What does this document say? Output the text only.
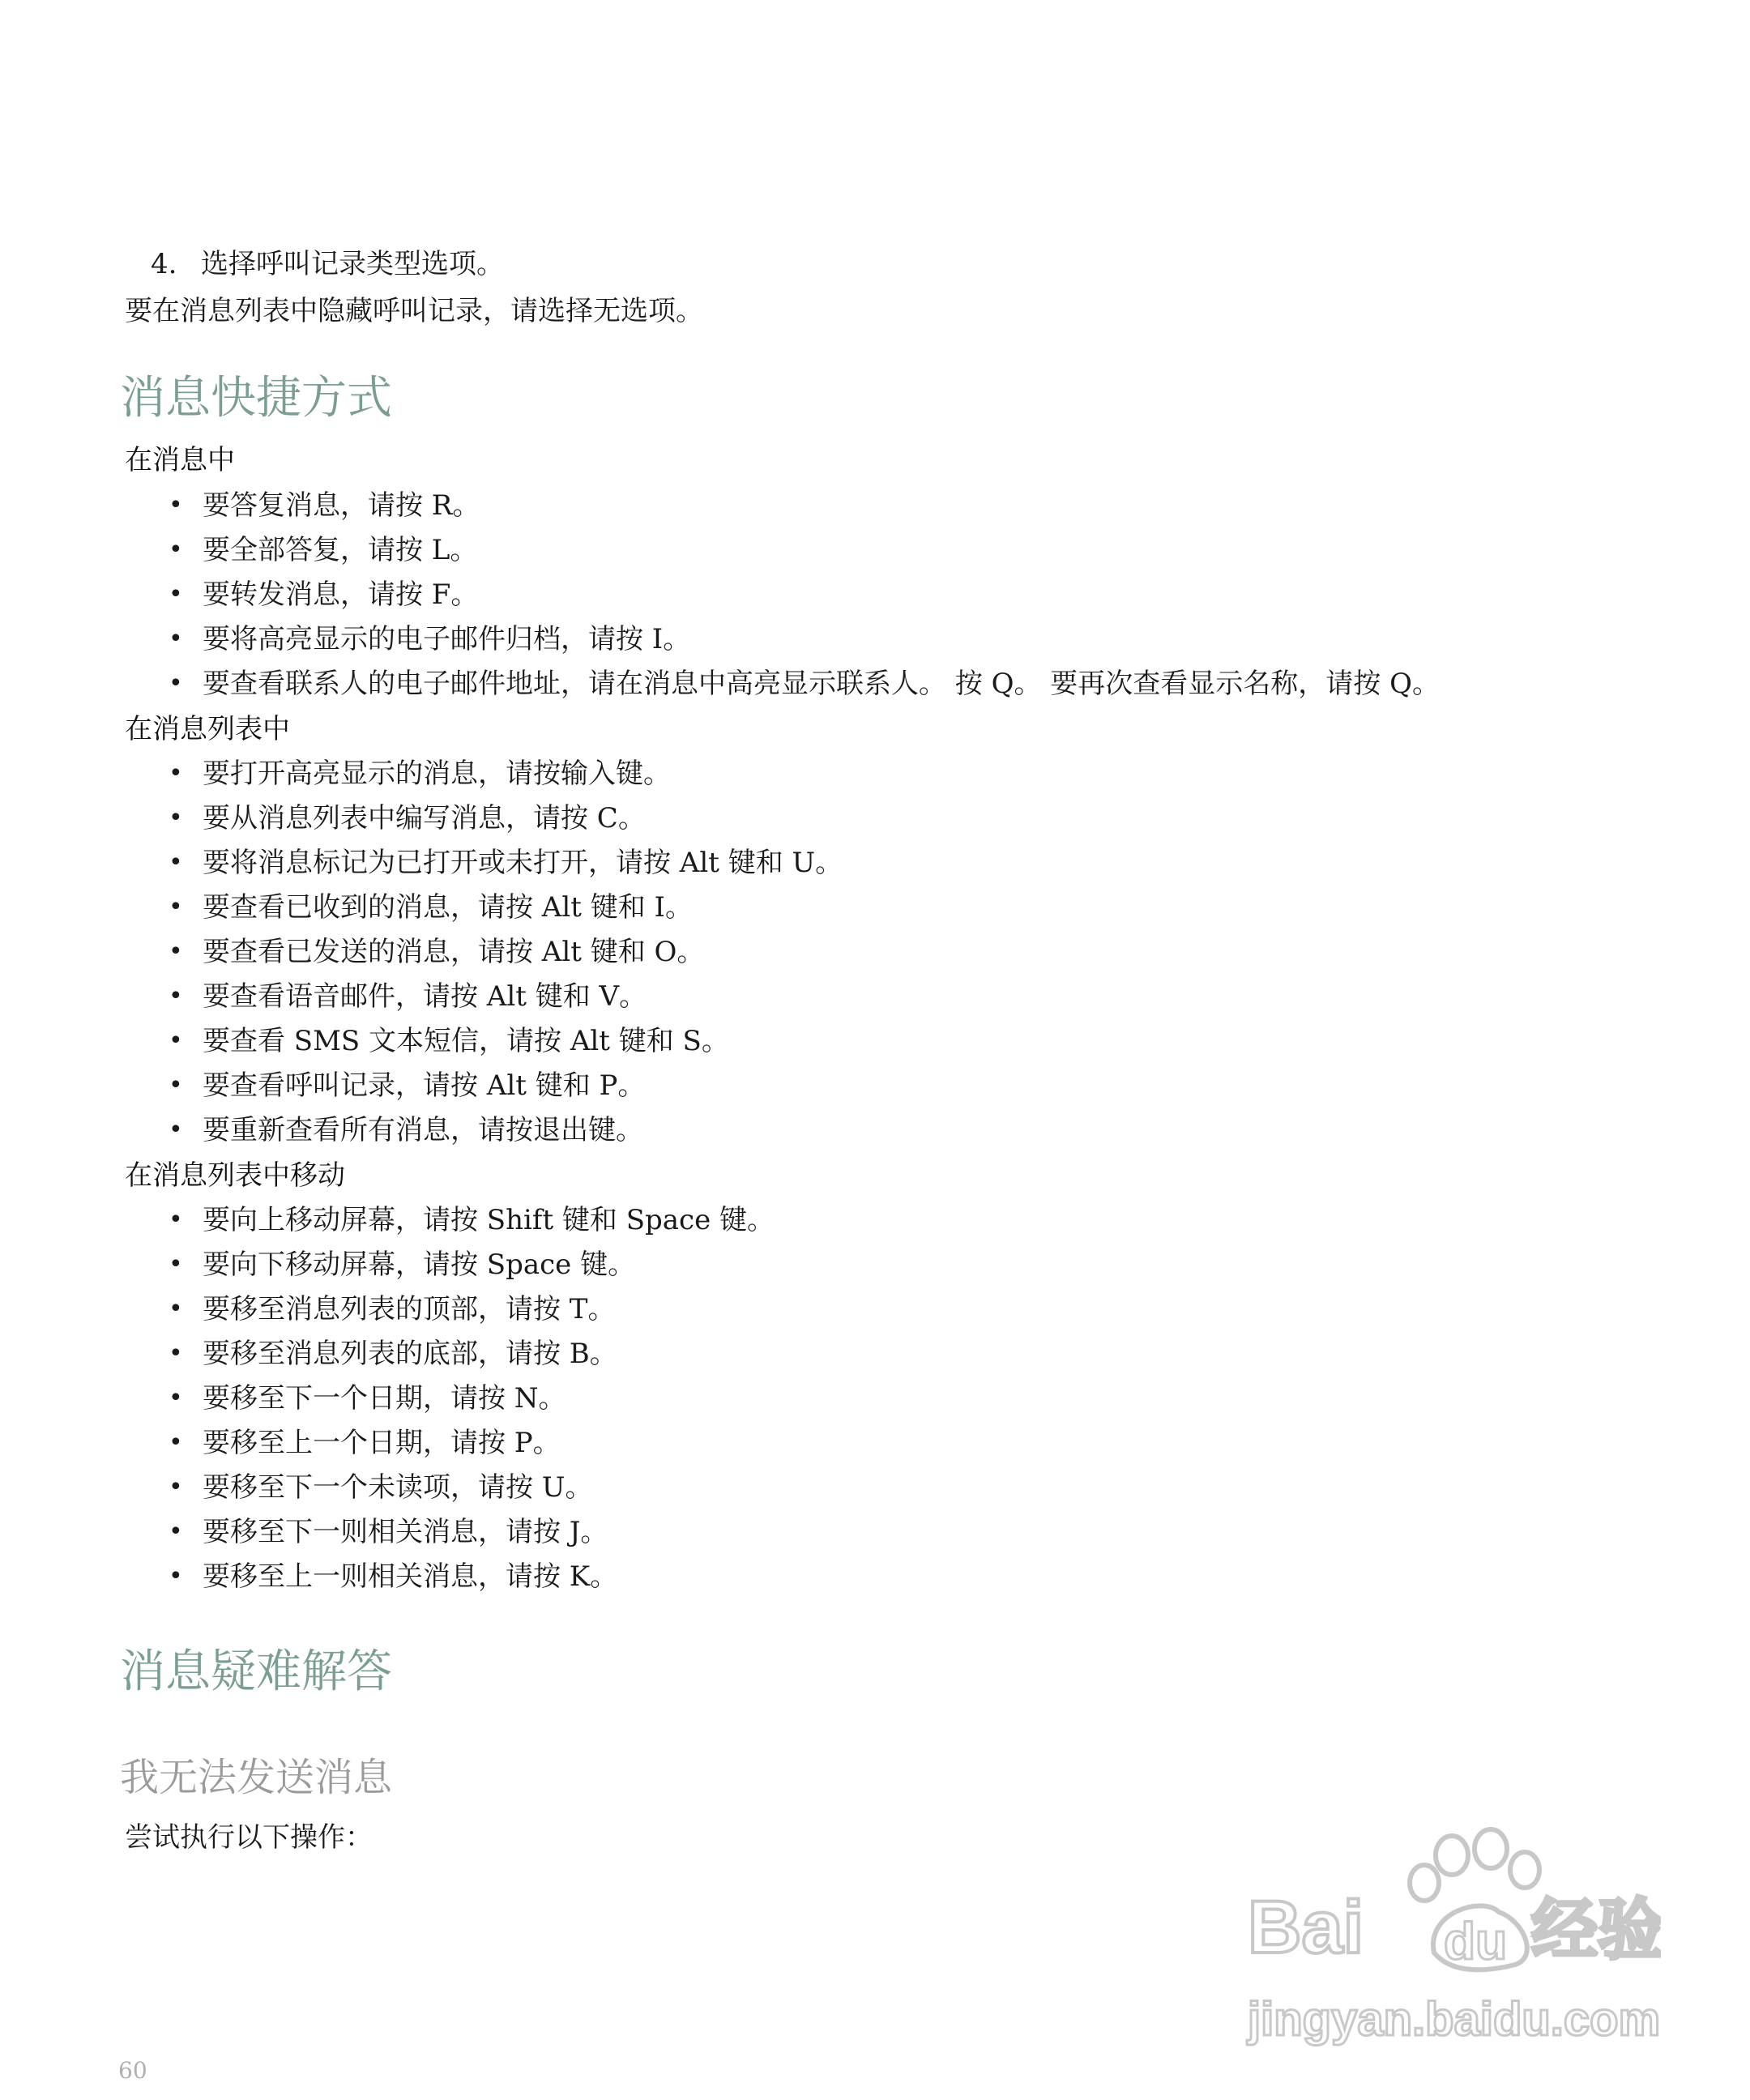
4. 选择呼叫记录类型选项。
要在消息列表中隐藏呼叫记录，请选择无选项。
消息快捷方式
在消息中
• 要答复消息，请按 R。
• 要全部答复，请按 L。
• 要转发消息，请按 F。
• 要将高亮显示的电子邮件归档，请按 I。
• 要查看联系人的电子邮件地址，请在消息中高亮显示联系人。 按 Q。 要再次查看显示名称，请按 Q。
在消息列表中
• 要打开高亮显示的消息，请按输入键。
• 要从消息列表中编写消息，请按 C。
• 要将消息标记为已打开或未打开，请按 Alt 键和 U。
• 要查看已收到的消息，请按 Alt 键和 I。
• 要查看已发送的消息，请按 Alt 键和 O。
• 要查看语音邮件，请按 Alt 键和 V。
• 要查看 SMS 文本短信，请按 Alt 键和 S。
• 要查看呼叫记录，请按 Alt 键和 P。
• 要重新查看所有消息，请按退出键。
在消息列表中移动
• 要向上移动屏幕，请按 Shift 键和 Space 键。
• 要向下移动屏幕，请按 Space 键。
• 要移至消息列表的顶部，请按 T。
• 要移至消息列表的底部，请按 B。
• 要移至下一个日期，请按 N。
• 要移至上一个日期，请按 P。
• 要移至下一个未读项，请按 U。
• 要移至下一则相关消息，请按 J。
• 要移至上一则相关消息，请按 K。
消息疑难解答
我无法发送消息
尝试执行以下操作：
Bai du 经验
jingyan.baidu.com
60
